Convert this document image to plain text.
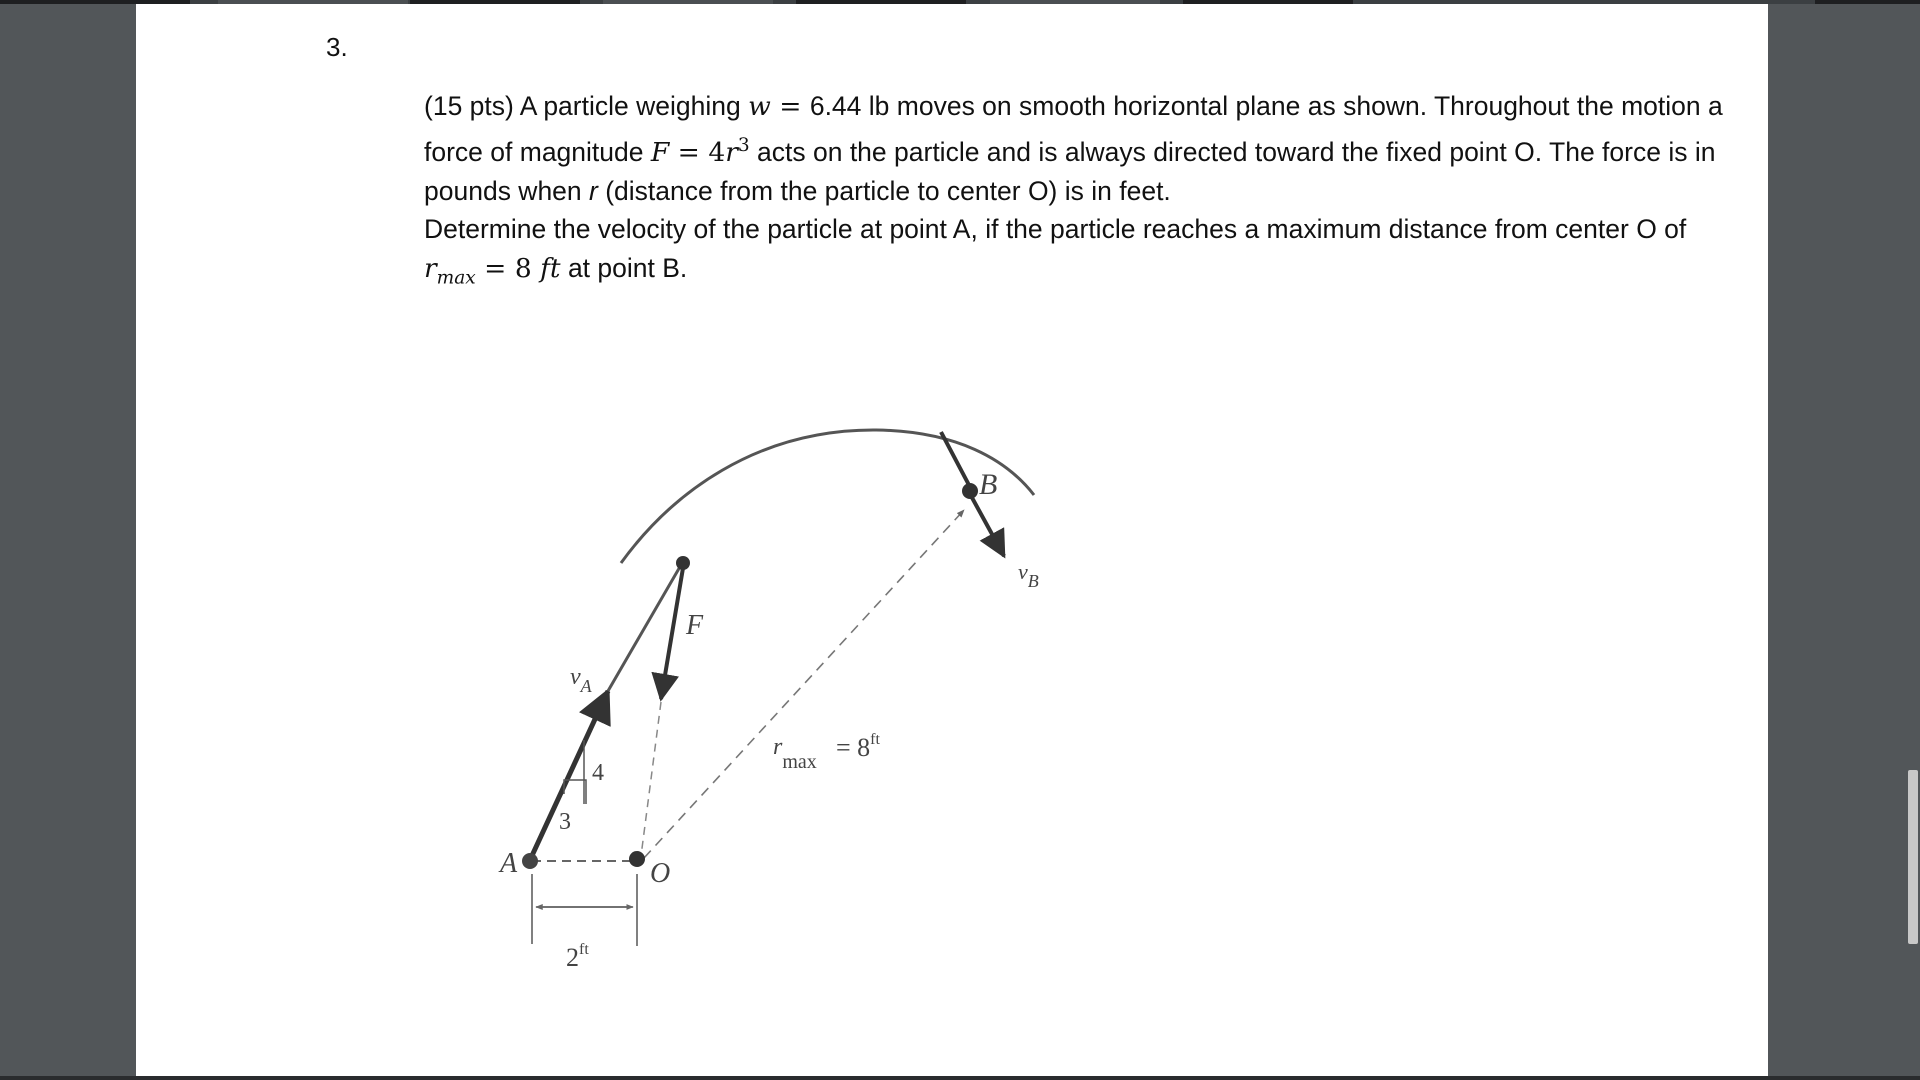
3.

(15 pts) A particle weighing w = 6.44 lb moves on smooth horizontal plane as shown. Throughout the motion a force of magnitude $F = 4r^3$ acts on the particle and is always directed toward the fixed point O. The force is in pounds when r (distance from the particle to center O) is in feet.

Determine the velocity of the particle at point A, if the particle reaches a maximum distance from center O of $r_{max} = 8$ ft at point B.

A	O
B
F
$v_A$
$v_B$
4
3
$r_{max} = 8^{ft}$
$2^{ft}$
